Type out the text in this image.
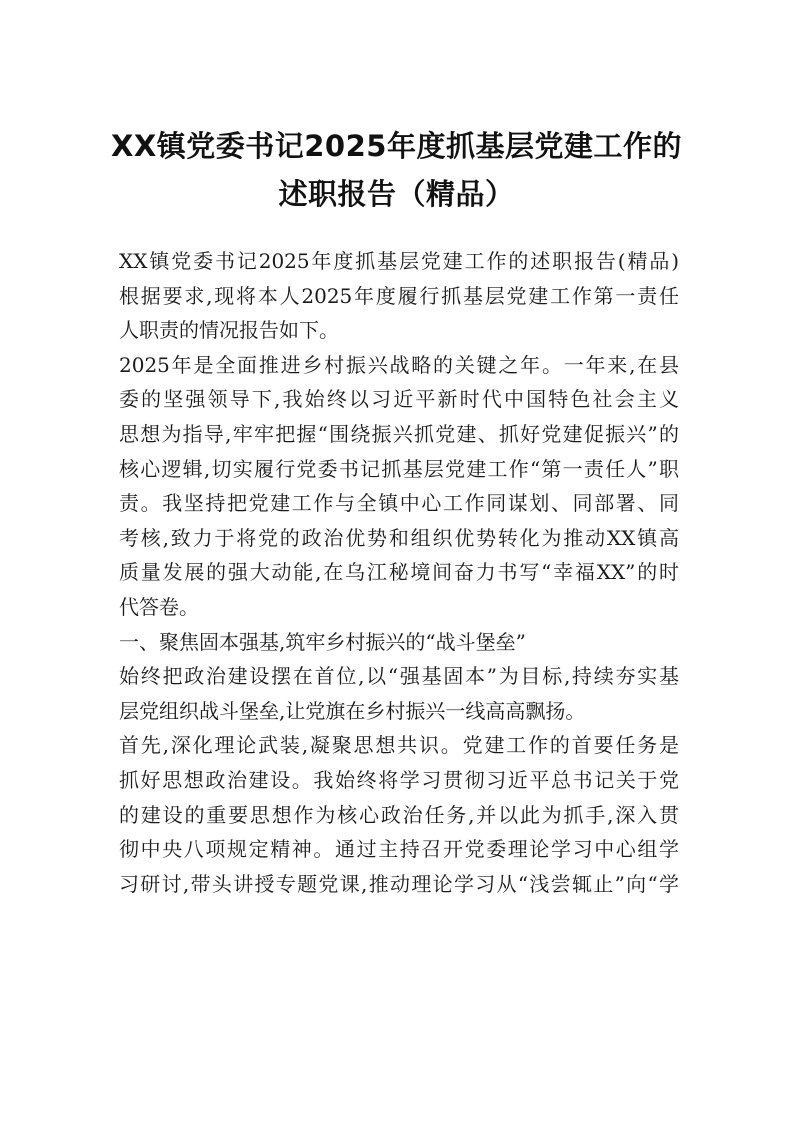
XX镇党委书记2025年度抓基层党建工作的
述职报告（精品）
XX镇党委书记2025年度抓基层党建工作的述职报告(精品)
根据要求,现将本人2025年度履行抓基层党建工作第一责任
人职责的情况报告如下。
2025年是全面推进乡村振兴战略的关键之年。一年来,在县
委的坚强领导下,我始终以习近平新时代中国特色社会主义
思想为指导,牢牢把握“围绕振兴抓党建、抓好党建促振兴”的
核心逻辑,切实履行党委书记抓基层党建工作“第一责任人”职
责。我坚持把党建工作与全镇中心工作同谋划、同部署、同
考核,致力于将党的政治优势和组织优势转化为推动XX镇高
质量发展的强大动能,在乌江秘境间奋力书写“幸福XX”的时
代答卷。
一、聚焦固本强基,筑牢乡村振兴的“战斗堡垒”
始终把政治建设摆在首位,以“强基固本”为目标,持续夯实基
层党组织战斗堡垒,让党旗在乡村振兴一线高高飘扬。
首先,深化理论武装,凝聚思想共识。党建工作的首要任务是
抓好思想政治建设。我始终将学习贯彻习近平总书记关于党
的建设的重要思想作为核心政治任务,并以此为抓手,深入贯
彻中央八项规定精神。通过主持召开党委理论学习中心组学
习研讨,带头讲授专题党课,推动理论学习从“浅尝辄止”向“学
